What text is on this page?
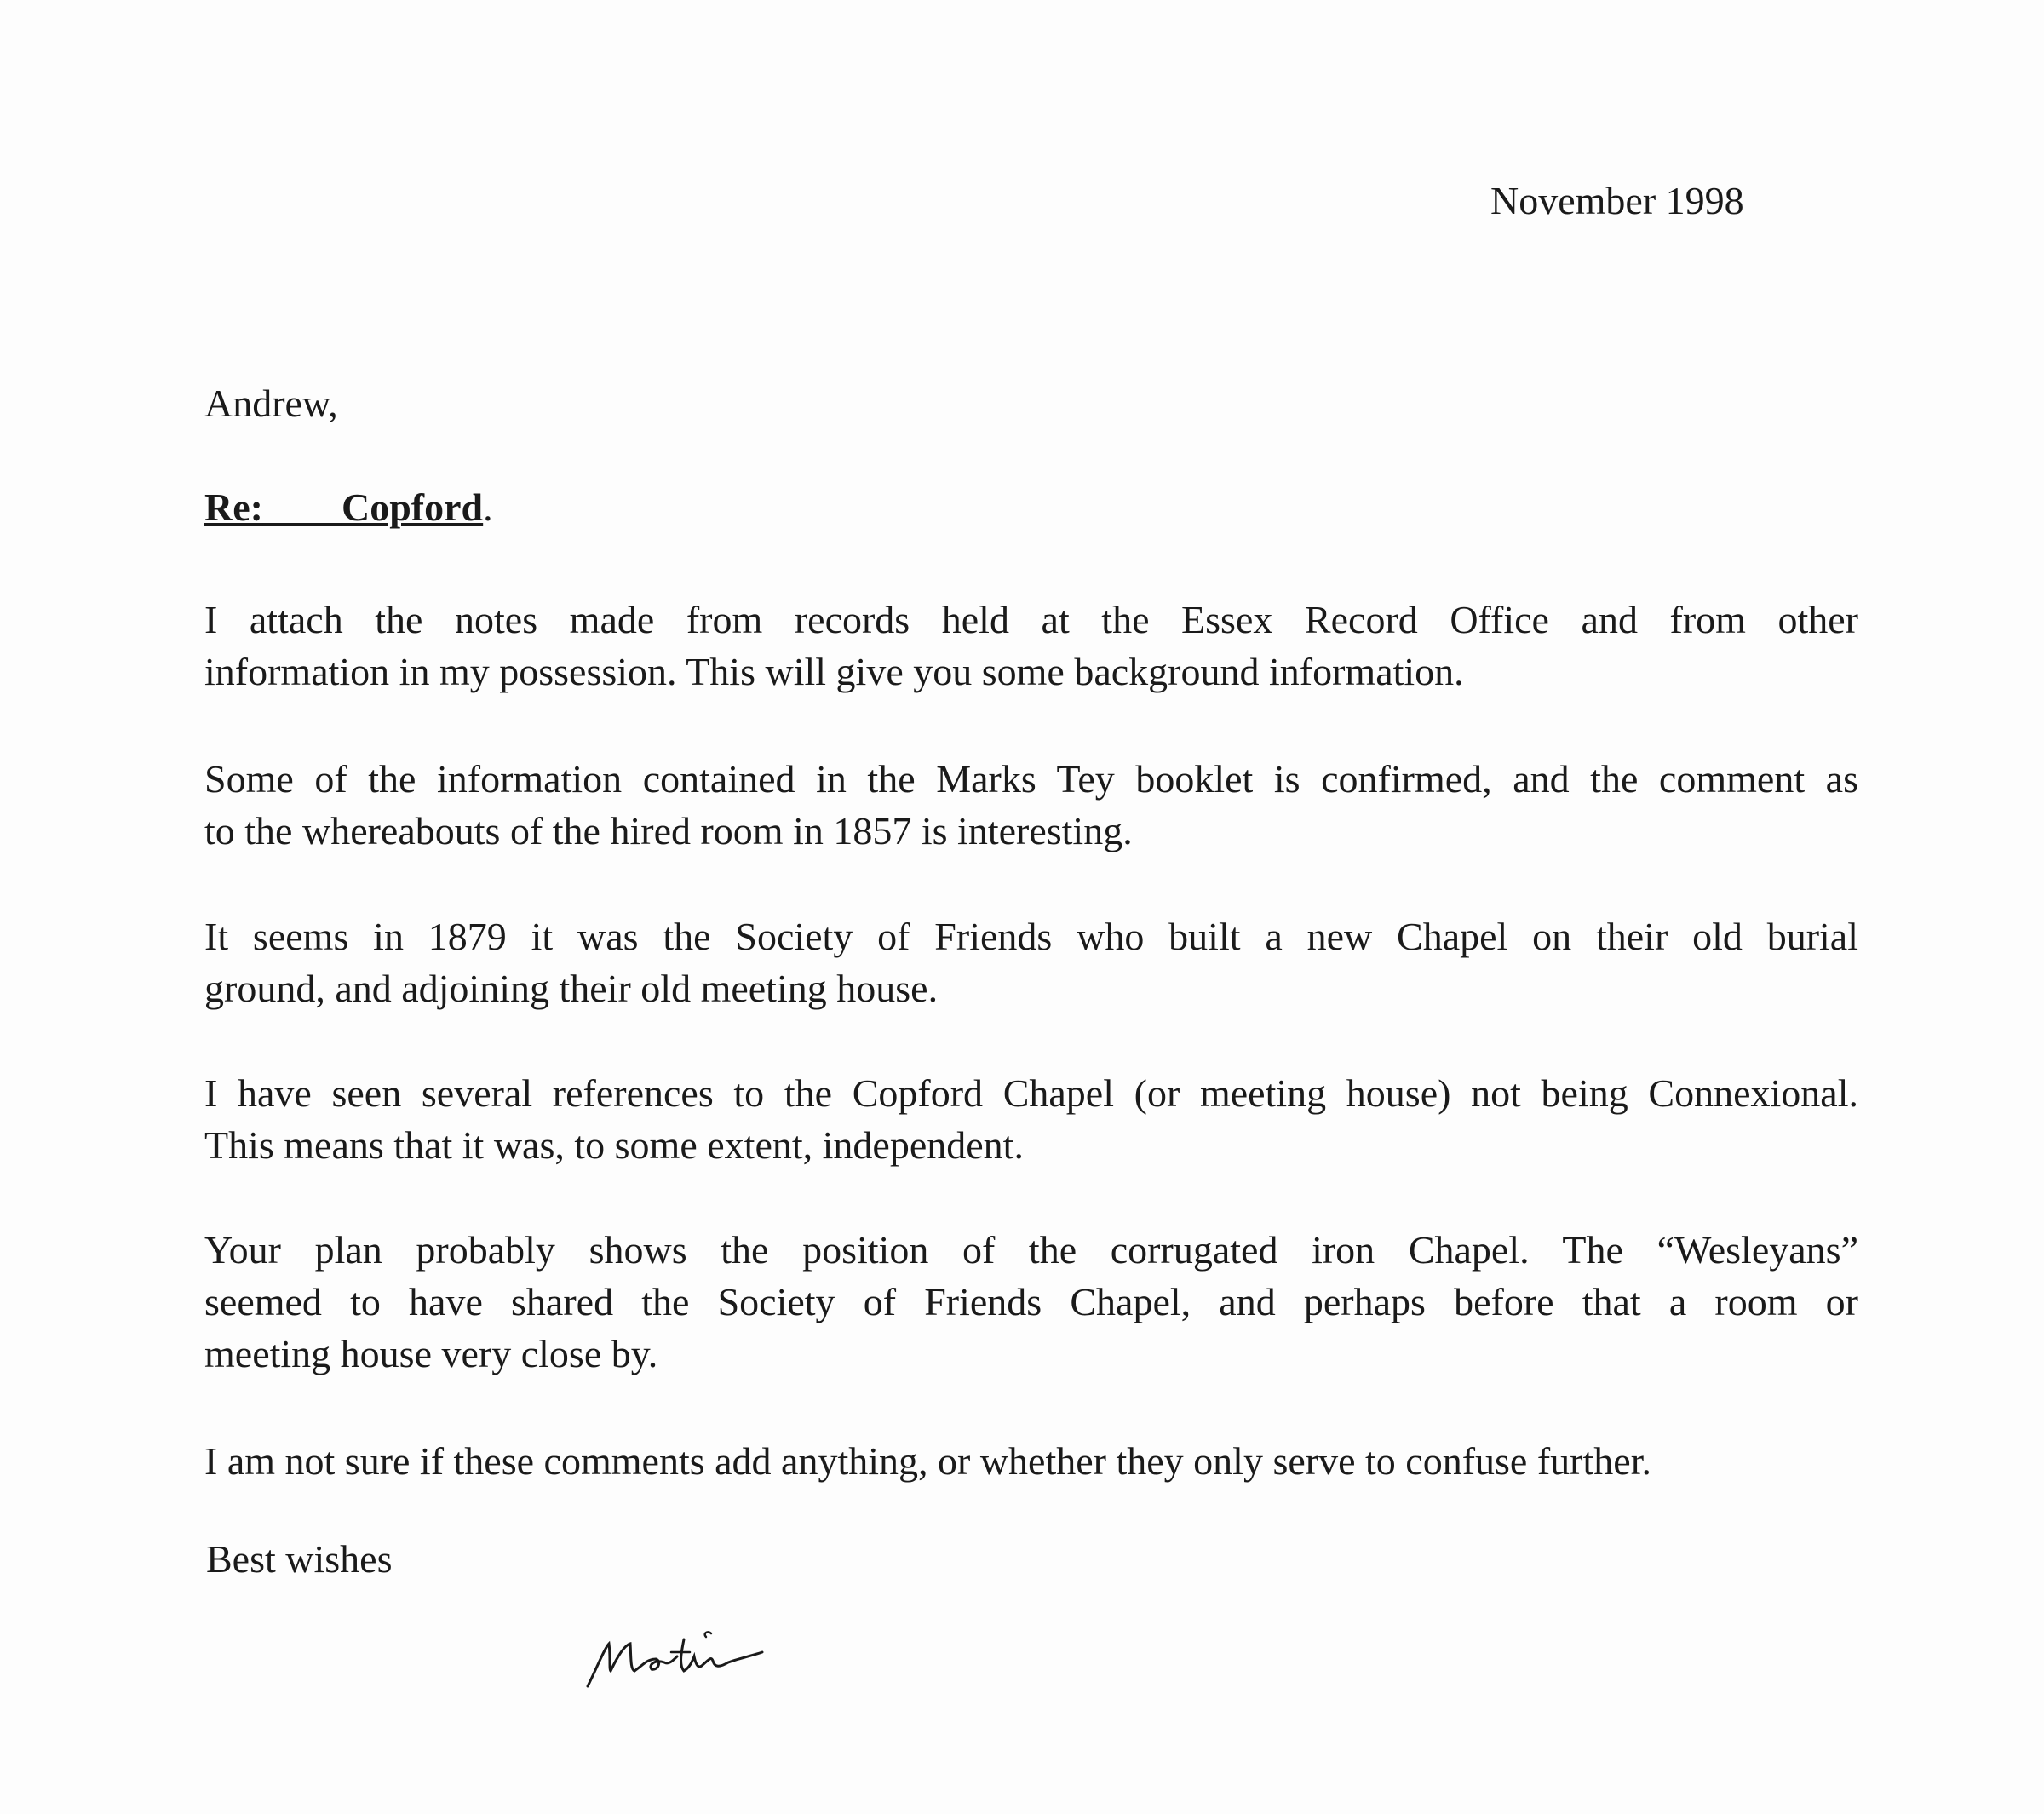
November 1998
Andrew,
Re: Copford.
I attach the notes made from records held at the Essex Record Office and from other
information in my possession. This will give you some background information.
Some of the information contained in the Marks Tey booklet is confirmed, and the comment as
to the whereabouts of the hired room in 1857 is interesting.
It seems in 1879 it was the Society of Friends who built a new Chapel on their old burial
ground, and adjoining their old meeting house.
I have seen several references to the Copford Chapel (or meeting house) not being Connexional.
This means that it was, to some extent, independent.
Your plan probably shows the position of the corrugated iron Chapel. The “Wesleyans”
seemed to have shared the Society of Friends Chapel, and perhaps before that a room or
meeting house very close by.
I am not sure if these comments add anything, or whether they only serve to confuse further.
Best wishes
